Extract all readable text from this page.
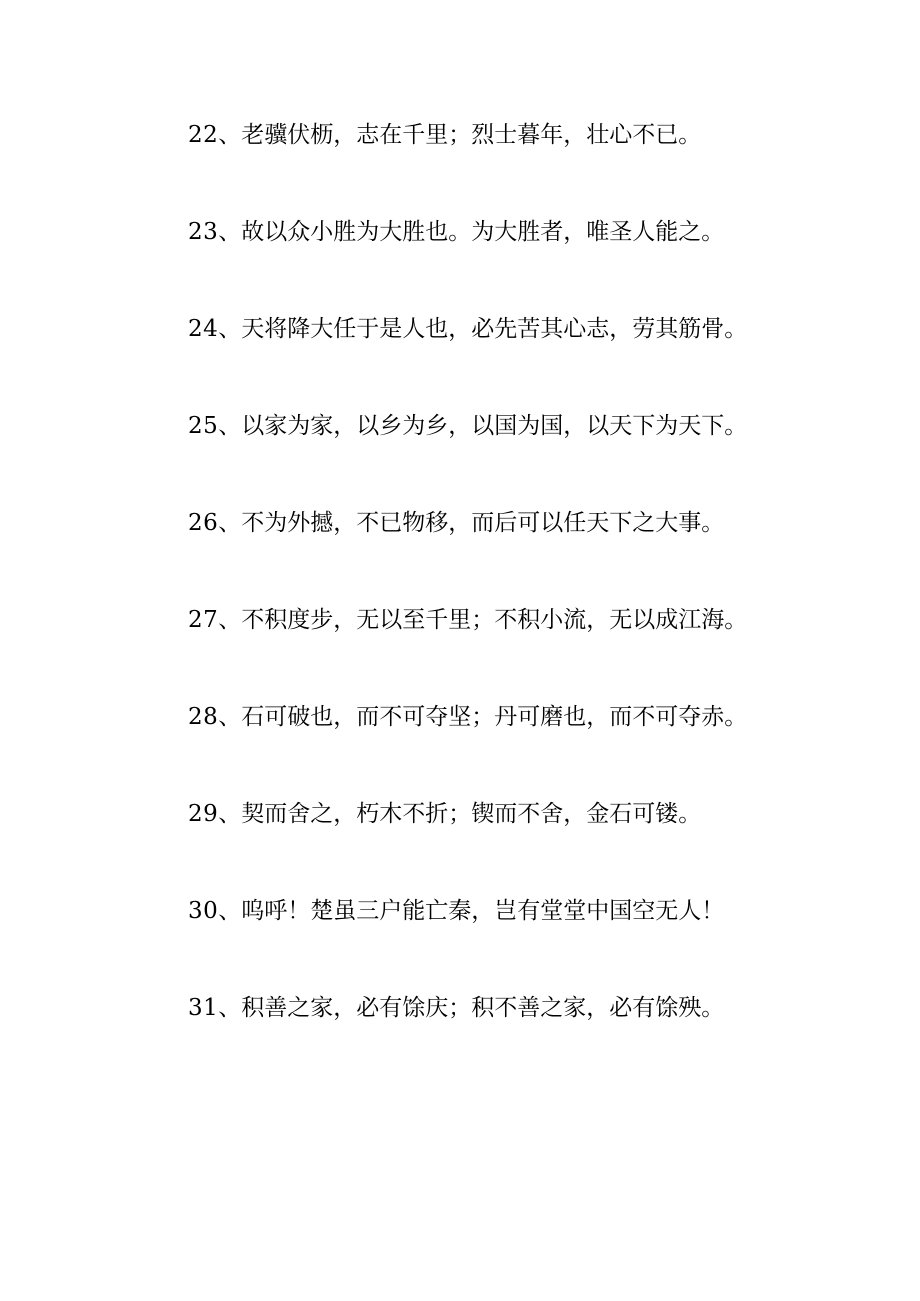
22、老骥伏枥，志在千里；烈士暮年，壮心不已。
23、故以众小胜为大胜也。为大胜者，唯圣人能之。
24、天将降大任于是人也，必先苦其心志，劳其筋骨。
25、以家为家，以乡为乡，以国为国，以天下为天下。
26、不为外撼，不已物移，而后可以任天下之大事。
27、不积度步，无以至千里；不积小流，无以成江海。
28、石可破也，而不可夺坚；丹可磨也，而不可夺赤。
29、契而舍之，朽木不折；锲而不舍，金石可镂。
30、呜呼！楚虽三户能亡秦，岂有堂堂中国空无人！
31、积善之家，必有馀庆；积不善之家，必有馀殃。
